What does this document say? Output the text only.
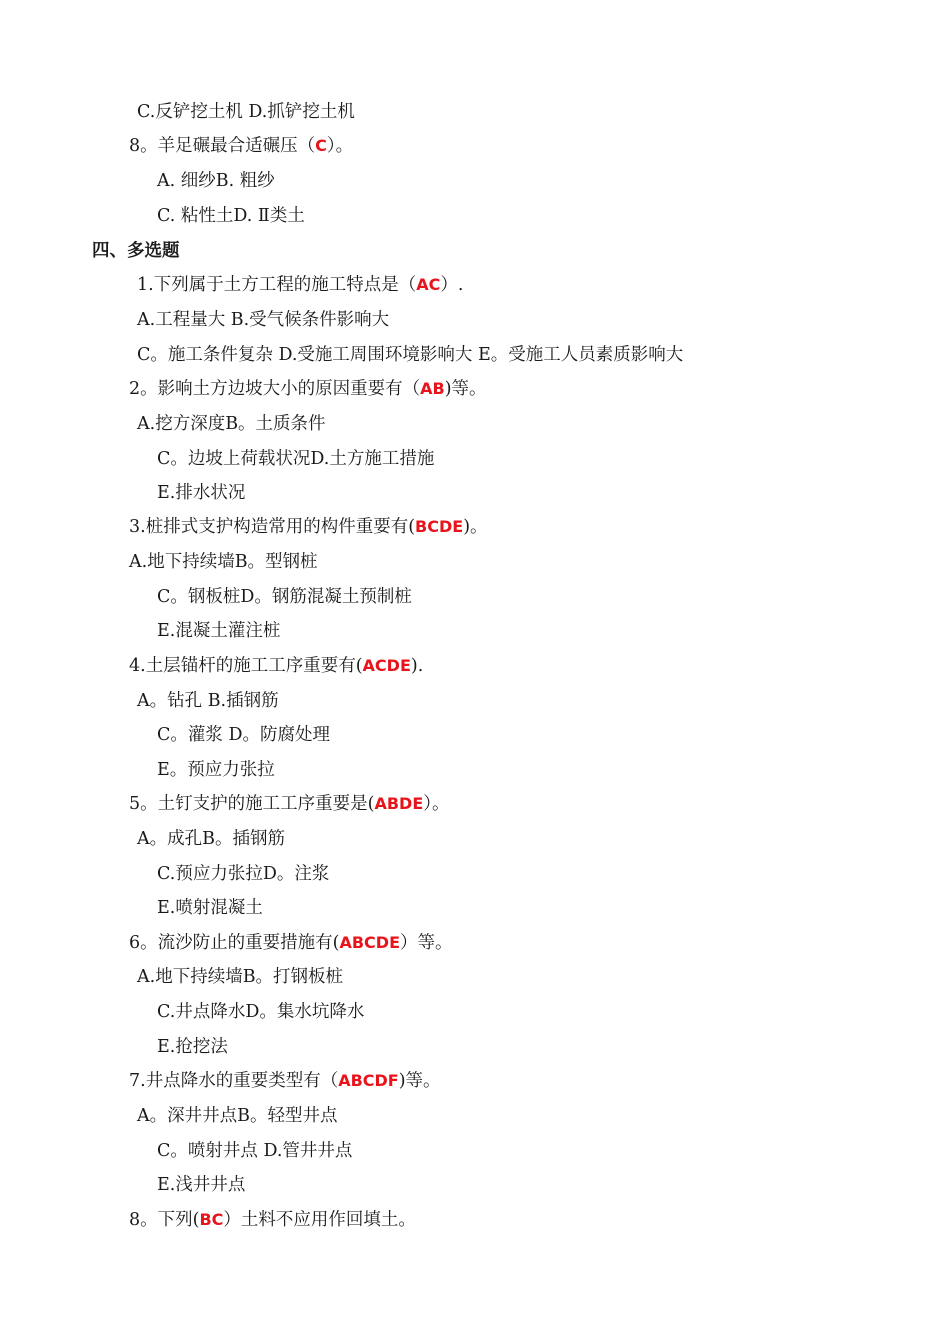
C.反铲挖土机 D.抓铲挖土机
8。羊足碾最合适碾压（C）。
A. 细纱B. 粗纱
C. 粘性土D. Ⅱ类土
四、多选题
1.下列属于土方工程的施工特点是（AC）.
A.工程量大 B.受气候条件影响大
C。施工条件复杂 D.受施工周围环境影响大 E。受施工人员素质影响大
2。影响土方边坡大小的原因重要有（AB)等。
A.挖方深度B。土质条件
C。边坡上荷载状况D.土方施工措施
E.排水状况
3.桩排式支护构造常用的构件重要有(BCDE)。
A.地下持续墙B。型钢桩
C。钢板桩D。钢筋混凝土预制桩
E.混凝土灌注桩
4.土层锚杆的施工工序重要有(ACDE).
A。钻孔 B.插钢筋
C。灌浆 D。防腐处理
E。预应力张拉
5。土钉支护的施工工序重要是(ABDE）。
A。成孔B。插钢筋
C.预应力张拉D。注浆
E.喷射混凝土
6。流沙防止的重要措施有(ABCDE）等。
A.地下持续墙B。打钢板桩
C.井点降水D。集水坑降水
E.抢挖法
7.井点降水的重要类型有（ABCDF)等。
A。深井井点B。轻型井点
C。喷射井点 D.管井井点
E.浅井井点
8。下列(BC）土料不应用作回填土。
